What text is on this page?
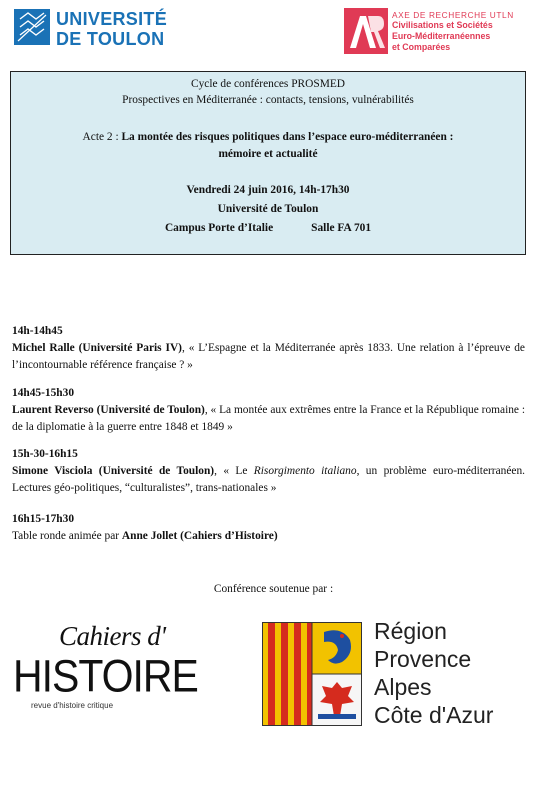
UNIVERSITÉ
DE TOULON
AXE DE RECHERCHE UTLN
Civilisations et Sociétés
Euro-Méditerranéennes
et Comparées
Cycle de conférences PROSMED
Prospectives en Méditerranée : contacts, tensions, vulnérabilités
Acte 2 : La montée des risques politiques dans l’espace euro-méditerranéen :
mémoire et actualité
Vendredi 24 juin 2016, 14h-17h30
Université de Toulon
Campus Porte d’Italie	Salle FA 701
14h-14h45
Michel Ralle (Université Paris IV), « L’Espagne et la Méditerranée après 1833. Une relation à l’épreuve de l’incontournable référence française ? »
14h45-15h30
Laurent Reverso (Université de Toulon), « La montée aux extrêmes entre la France et la République romaine : de la diplomatie à la guerre entre 1848 et 1849 »
15h-30-16h15
Simone Visciola (Université de Toulon), « Le Risorgimento italiano, un problème euro-méditerranéen. Lectures géo-politiques, “culturalistes”, trans-nationales »
16h15-17h30
Table ronde animée par Anne Jollet (Cahiers d’Histoire)
Conférence soutenue par :
Cahiers d'
HISTOIRE
revue d'histoire critique
Région
Provence
Alpes
Côte d'Azur
